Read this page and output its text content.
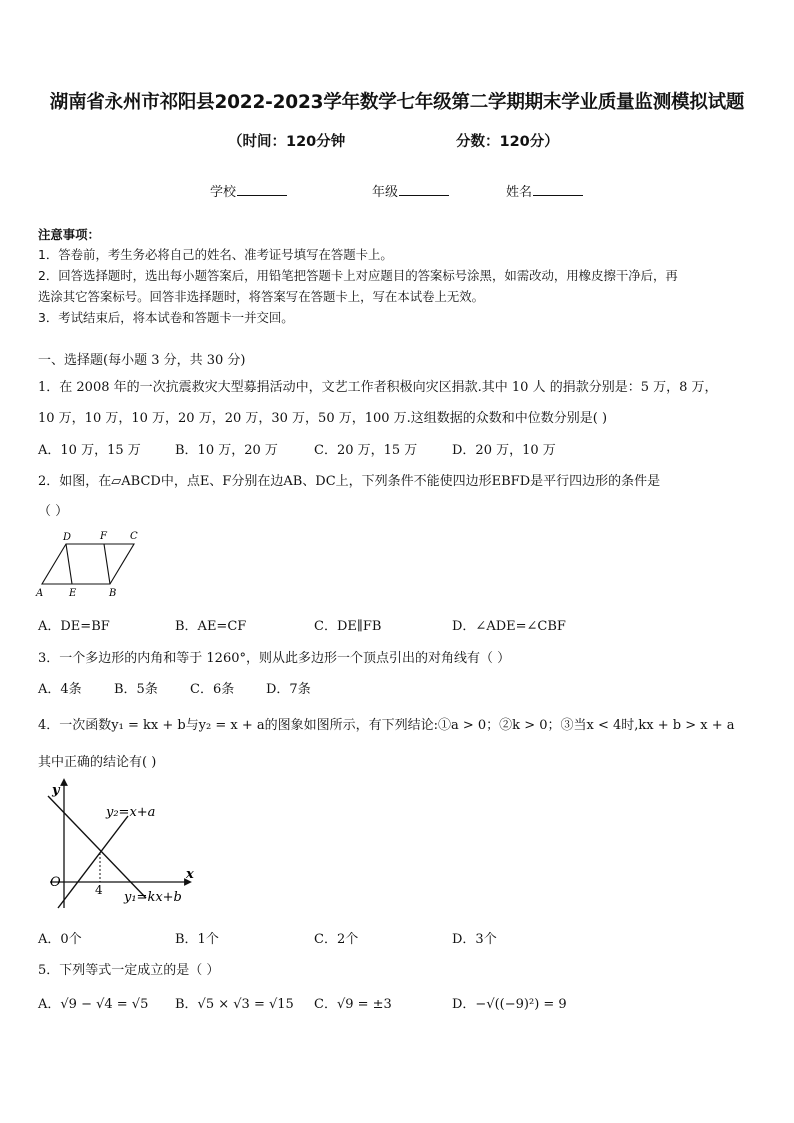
湖南省永州市祁阳县2022-2023学年数学七年级第二学期期末学业质量监测模拟试题
（时间：120分钟	分数：120分）
学校	年级	姓名
注意事项：
1．答卷前，考生务必将自己的姓名、准考证号填写在答题卡上。
2．回答选择题时，选出每小题答案后，用铅笔把答题卡上对应题目的答案标号涂黑，如需改动，用橡皮擦干净后，再
选涂其它答案标号。回答非选择题时，将答案写在答题卡上，写在本试卷上无效。
3．考试结束后，将本试卷和答题卡一并交回。
一、选择题(每小题 3 分，共 30 分)
1．在 2008 年的一次抗震救灾大型募捐活动中，文艺工作者积极向灾区捐款.其中 10 人 的捐款分别是：5 万，8 万，
10 万，10 万，10 万，20 万，20 万，30 万，50 万，100 万.这组数据的众数和中位数分别是( )
A．10 万，15 万	B．10 万，20 万	C．20 万，15 万	D．20 万，10 万
2．如图，在▱ABCD中，点E、F分别在边AB、DC上，下列条件不能使四边形EBFD是平行四边形的条件是
（ ）
D	F C
A	E	B
A．DE=BF	B．AE=CF	C．DE∥FB	D．∠ADE=∠CBF
3．一个多边形的内角和等于 1260°，则从此多边形一个顶点引出的对角线有（ ）
A．4条 B．5条 C．6条 D．7条
4．一次函数y₁ = kx + b与y₂ = x + a的图象如图所示，有下列结论:①a > 0；②k > 0；③当x < 4时,kx + b > x + a
其中正确的结论有( )
y
x
O	4
y₂=x+a
y₁=kx+b
A．0个	B．1个	C．2个	D．3个
5．下列等式一定成立的是（ ）
A．√9 − √4 = √5 B．√5 × √3 = √15 C．√9 = ±3	D．−√((−9)²) = 9
